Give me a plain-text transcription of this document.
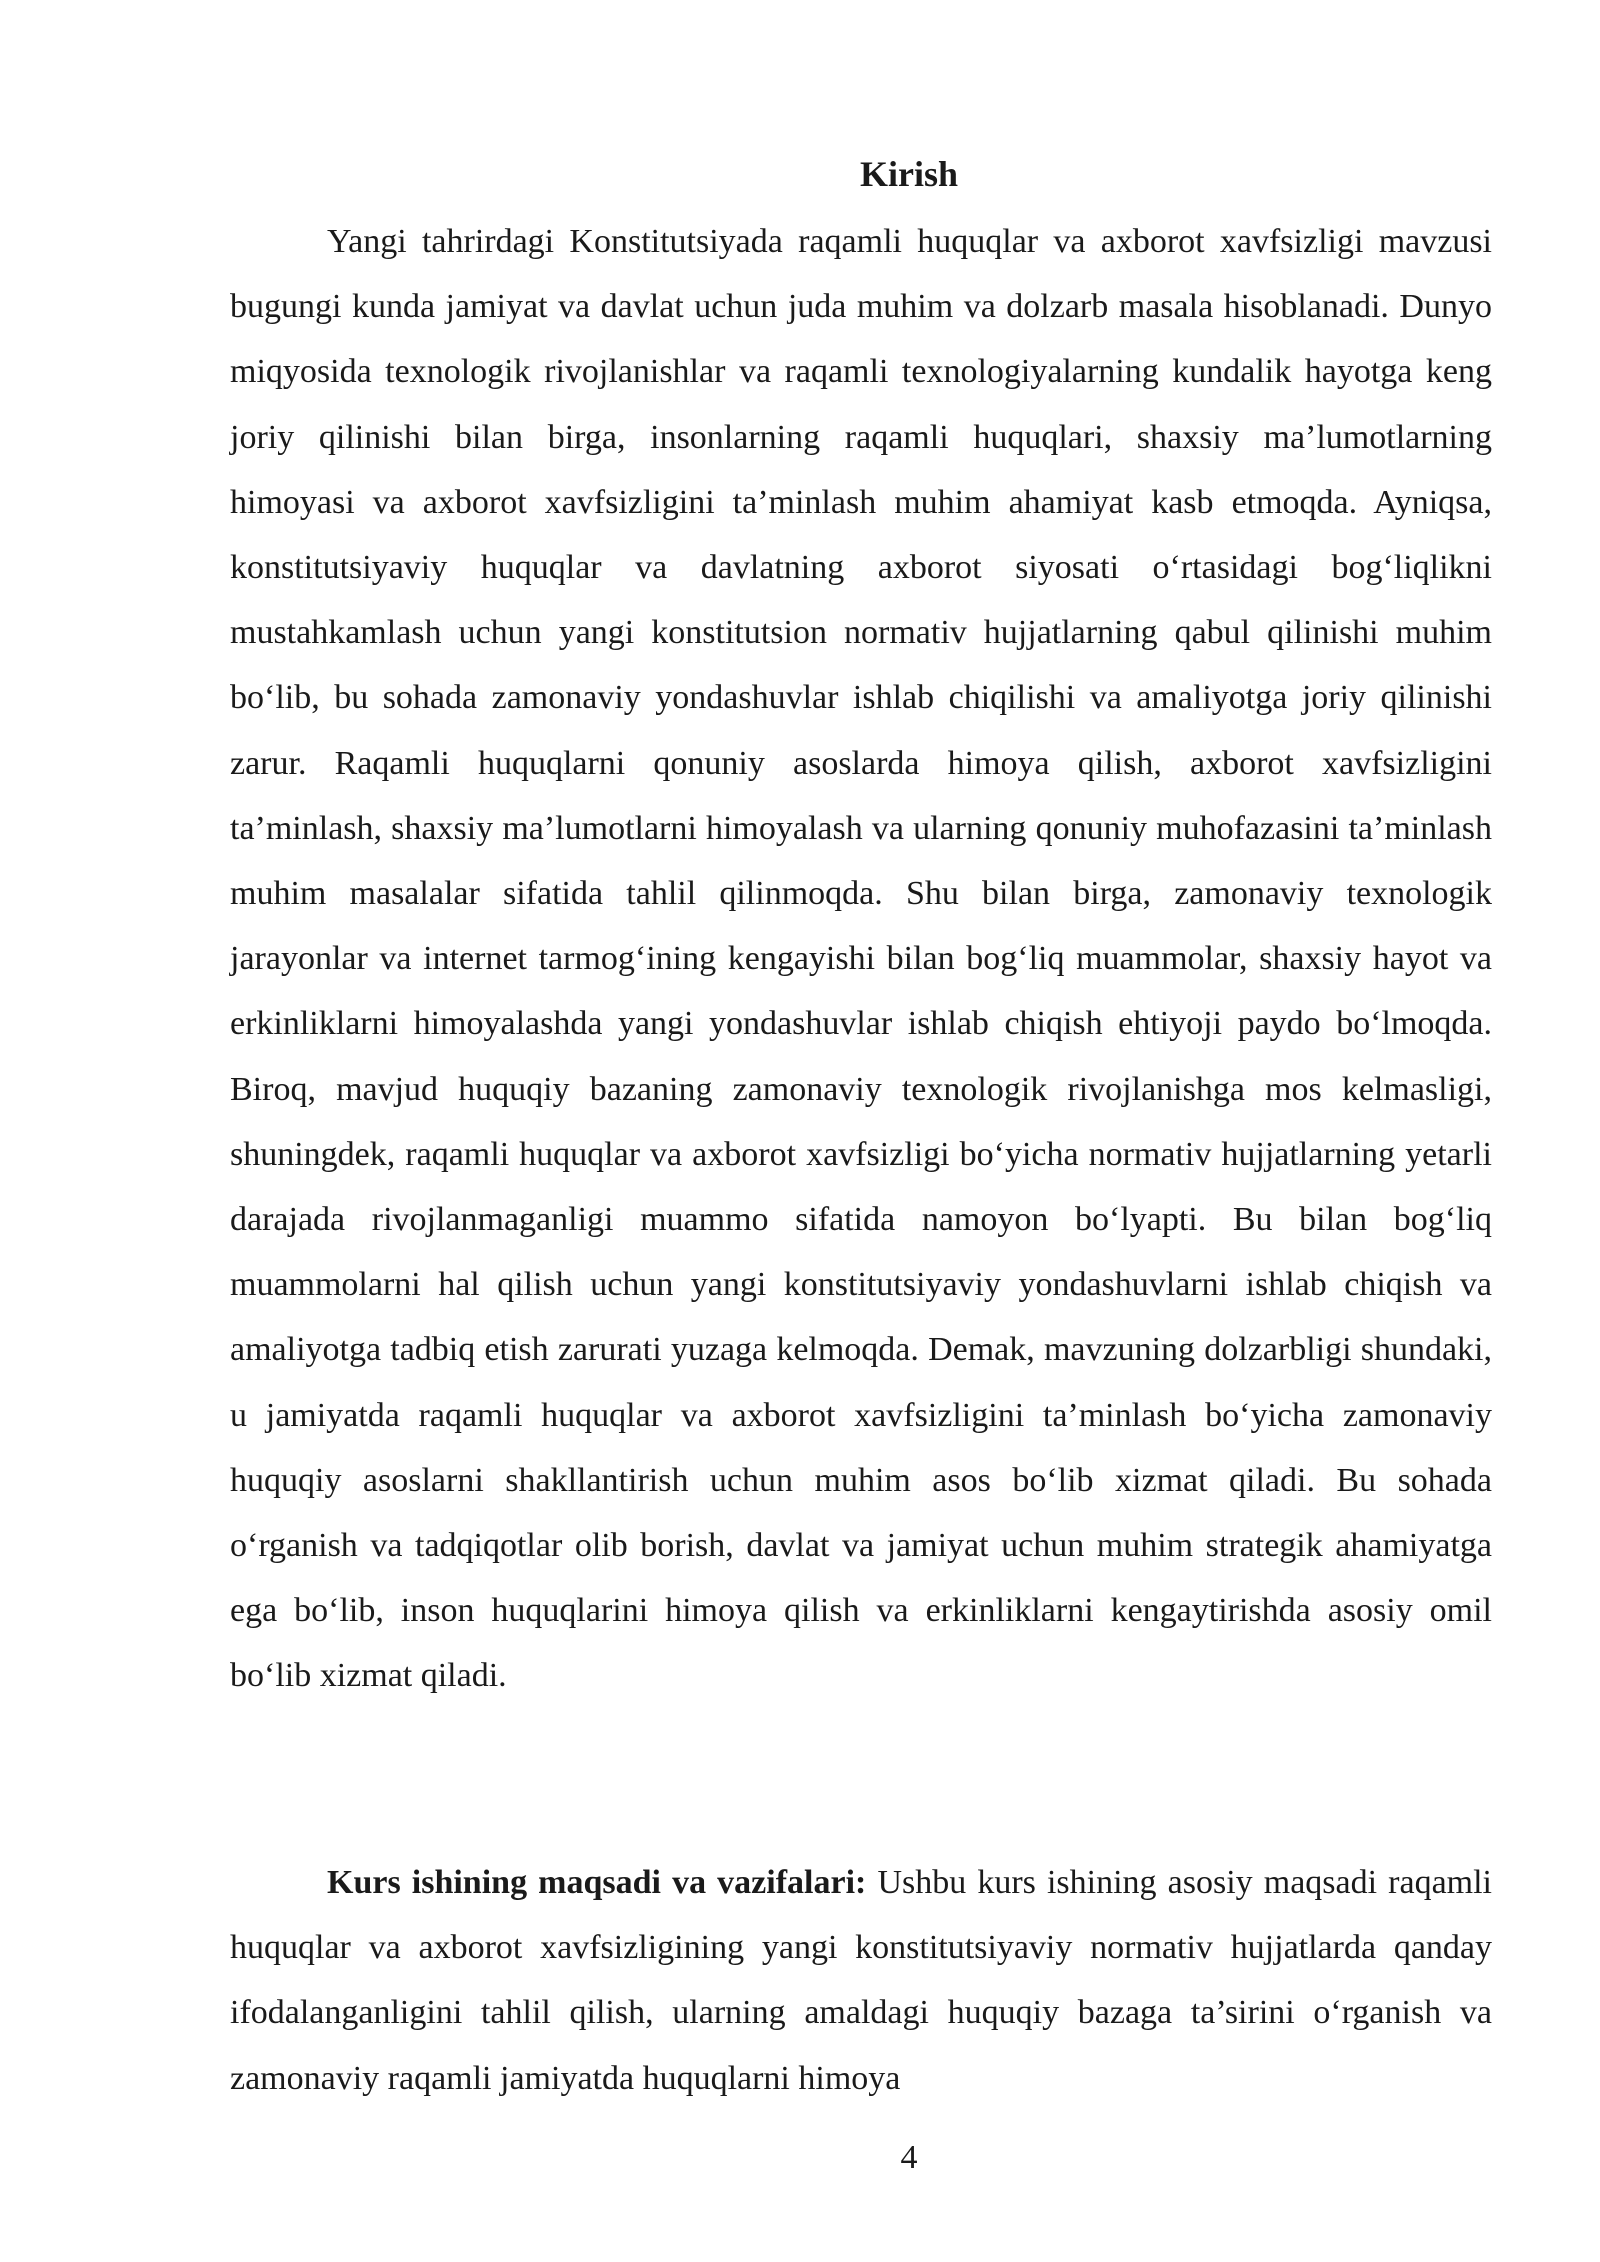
Kirish

Yangi tahrirdagi Konstitutsiyada raqamli huquqlar va axborot xavfsizligi mavzusi bugungi kunda jamiyat va davlat uchun juda muhim va dolzarb masala hisoblanadi. Dunyo miqyosida texnologik rivojlanishlar va raqamli texnologiyalarning kundalik hayotga keng joriy qilinishi bilan birga, insonlarning raqamli huquqlari, shaxsiy ma’lumotlarning himoyasi va axborot xavfsizligini ta’minlash muhim ahamiyat kasb etmoqda. Ayniqsa, konstitutsiyaviy huquqlar va davlatning axborot siyosati o‘rtasidagi bog‘liqlikni mustahkamlash uchun yangi konstitutsion normativ hujjatlarning qabul qilinishi muhim bo‘lib, bu sohada zamonaviy yondashuvlar ishlab chiqilishi va amaliyotga joriy qilinishi zarur. Raqamli huquqlarni qonuniy asoslarda himoya qilish, axborot xavfsizligini ta’minlash, shaxsiy ma’lumotlarni himoyalash va ularning qonuniy muhofazasini ta’minlash muhim masalalar sifatida tahlil qilinmoqda. Shu bilan birga, zamonaviy texnologik jarayonlar va internet tarmog‘ining kengayishi bilan bog‘liq muammolar, shaxsiy hayot va erkinliklarni himoyalashda yangi yondashuvlar ishlab chiqish ehtiyoji paydo bo‘lmoqda. Biroq, mavjud huquqiy bazaning zamonaviy texnologik rivojlanishga mos kelmasligi, shuningdek, raqamli huquqlar va axborot xavfsizligi bo‘yicha normativ hujjatlarning yetarli darajada rivojlanmaganligi muammo sifatida namoyon bo‘lyapti. Bu bilan bog‘liq muammolarni hal qilish uchun yangi konstitutsiyaviy yondashuvlarni ishlab chiqish va amaliyotga tadbiq etish zarurati yuzaga kelmoqda. Demak, mavzuning dolzarbligi shundaki, u jamiyatda raqamli huquqlar va axborot xavfsizligini ta’minlash bo‘yicha zamonaviy huquqiy asoslarni shakllantirish uchun muhim asos bo‘lib xizmat qiladi. Bu sohada o‘rganish va tadqiqotlar olib borish, davlat va jamiyat uchun muhim strategik ahamiyatga ega bo‘lib, inson huquqlarini himoya qilish va erkinliklarni kengaytirishda asosiy omil bo‘lib xizmat qiladi.

Kurs ishining maqsadi va vazifalari: Ushbu kurs ishining asosiy maqsadi raqamli huquqlar va axborot xavfsizligining yangi konstitutsiyaviy normativ hujjatlarda qanday ifodalanganligini tahlil qilish, ularning amaldagi huquqiy bazaga ta’sirini o‘rganish va zamonaviy raqamli jamiyatda huquqlarni himoya

4
